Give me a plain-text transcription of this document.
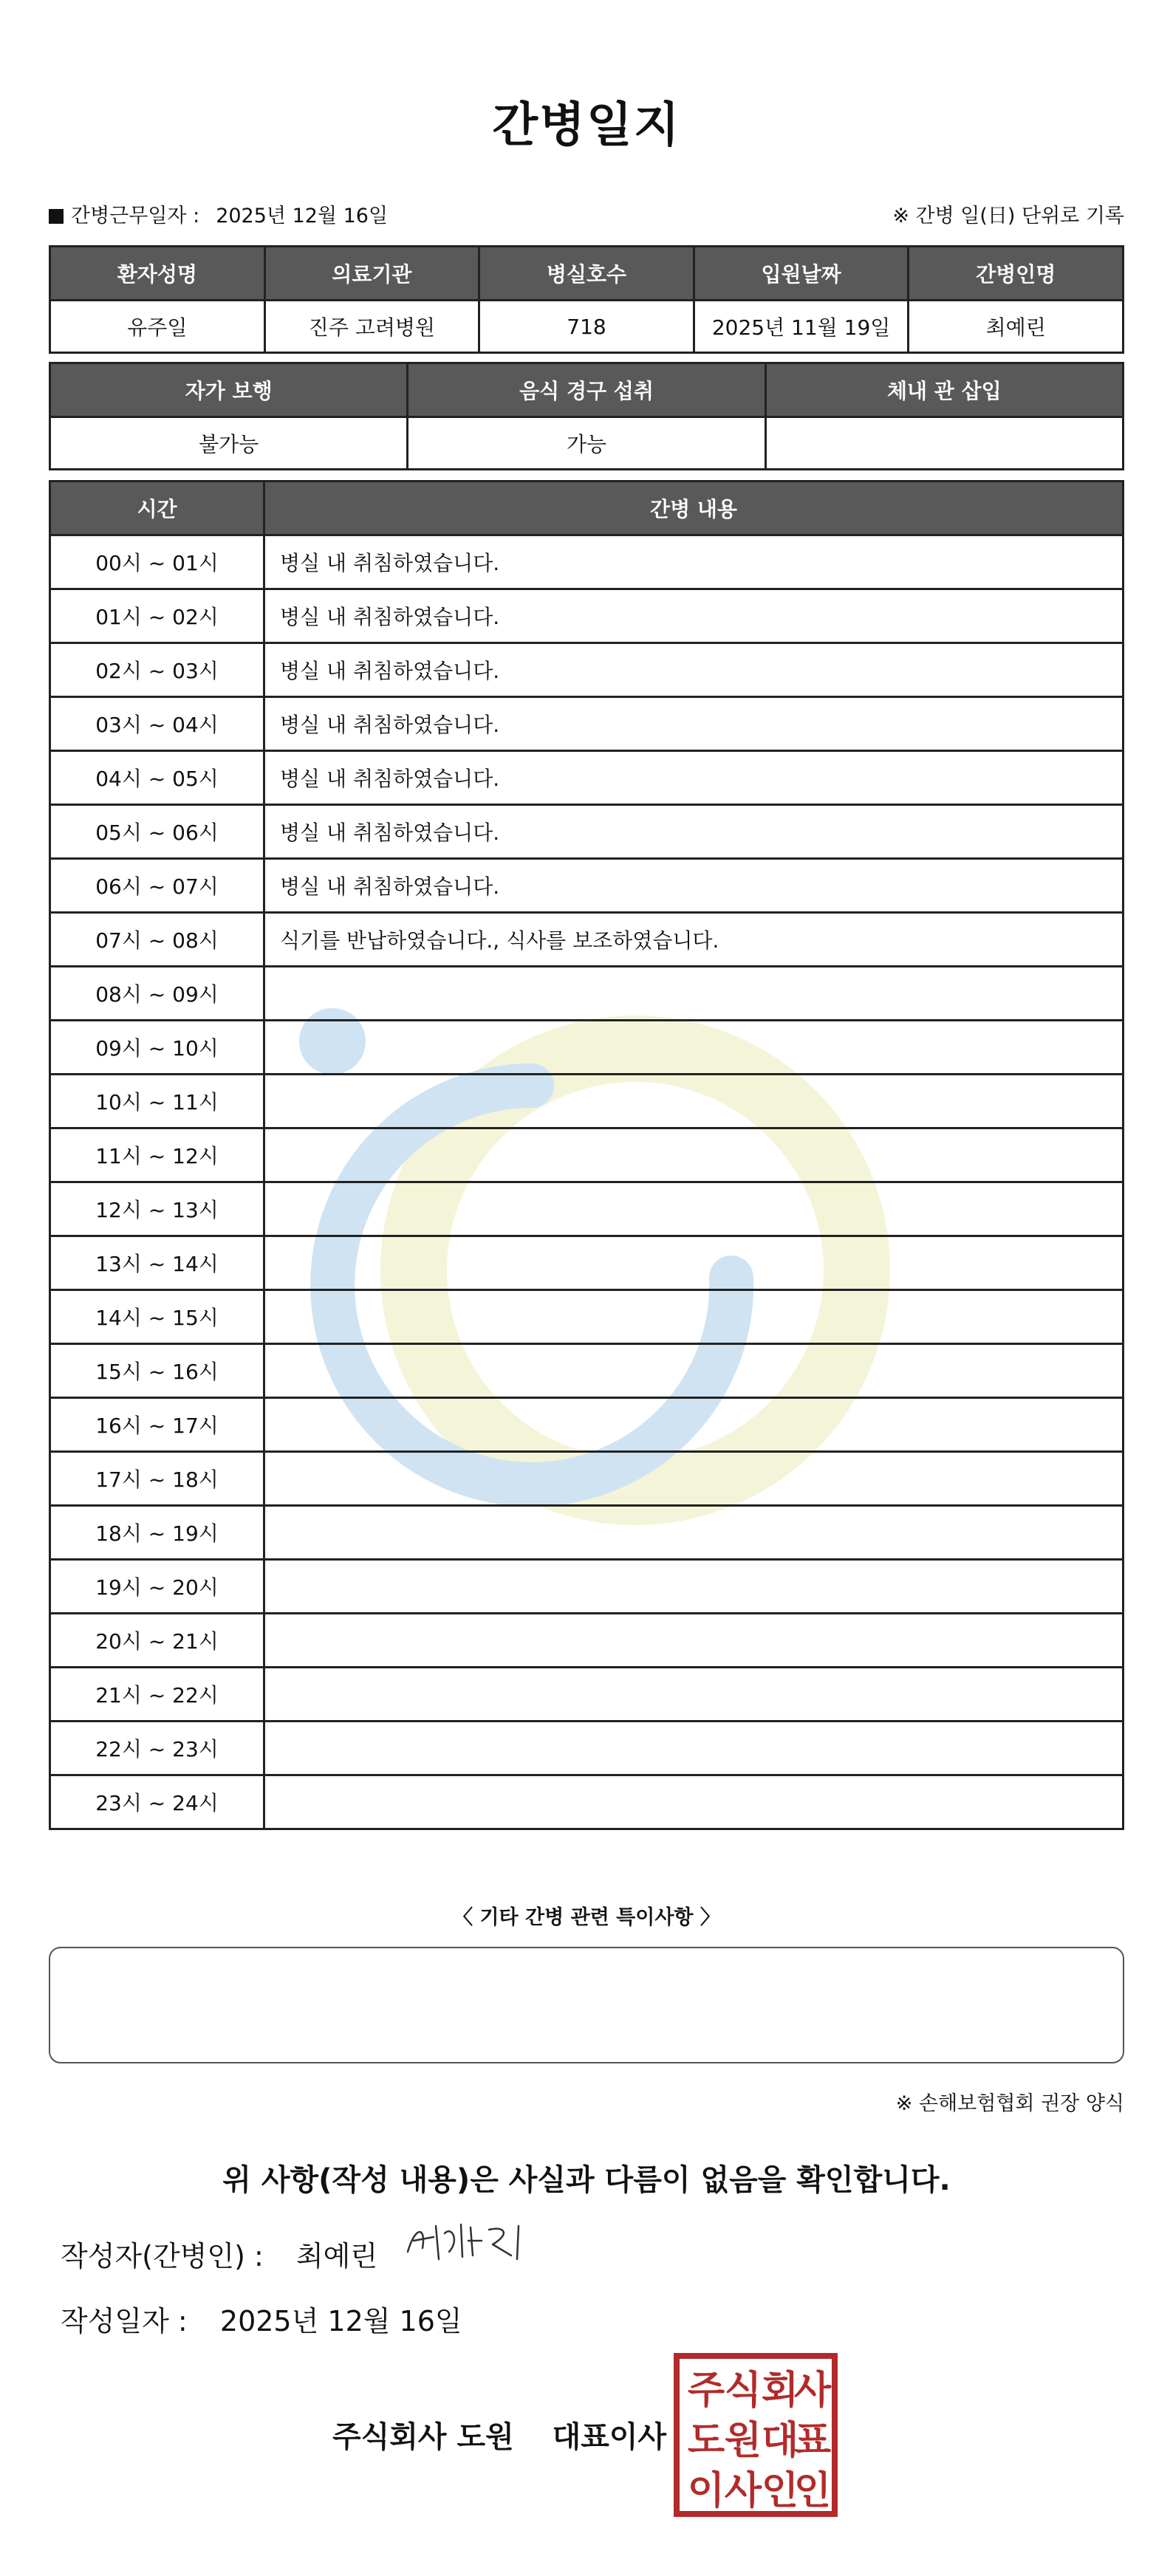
간병일지
간병근무일자 : 2025년 12월 16일	※ 간병 일(日) 단위로 기록
환자성명	의료기관	병실호수	입원날짜	간병인명
유주일	진주 고려병원	718	2025년 11월 19일	최예린
자가 보행	음식 경구 섭취	체내 관 삽입
불가능	가능	
시간	간병 내용
00시 ~ 01시	병실 내 취침하였습니다.
01시 ~ 02시	병실 내 취침하였습니다.
02시 ~ 03시	병실 내 취침하였습니다.
03시 ~ 04시	병실 내 취침하였습니다.
04시 ~ 05시	병실 내 취침하였습니다.
05시 ~ 06시	병실 내 취침하였습니다.
06시 ~ 07시	병실 내 취침하였습니다.
07시 ~ 08시	식기를 반납하였습니다., 식사를 보조하였습니다.
08시 ~ 09시	
09시 ~ 10시	
10시 ~ 11시	
11시 ~ 12시	
12시 ~ 13시	
13시 ~ 14시	
14시 ~ 15시	
15시 ~ 16시	
16시 ~ 17시	
17시 ~ 18시	
18시 ~ 19시	
19시 ~ 20시	
20시 ~ 21시	
21시 ~ 22시	
22시 ~ 23시	
23시 ~ 24시	
〈 기타 간병 관련 특이사항 〉
※ 손해보험협회 권장 양식
위 사항(작성 내용)은 사실과 다름이 없음을 확인합니다.
작성자(간병인) : 최예린
작성일자 : 2025년 12월 16일
주식회사 도원 대표이사
주 식 회
사
도 원 대
표
이 사 인
인
